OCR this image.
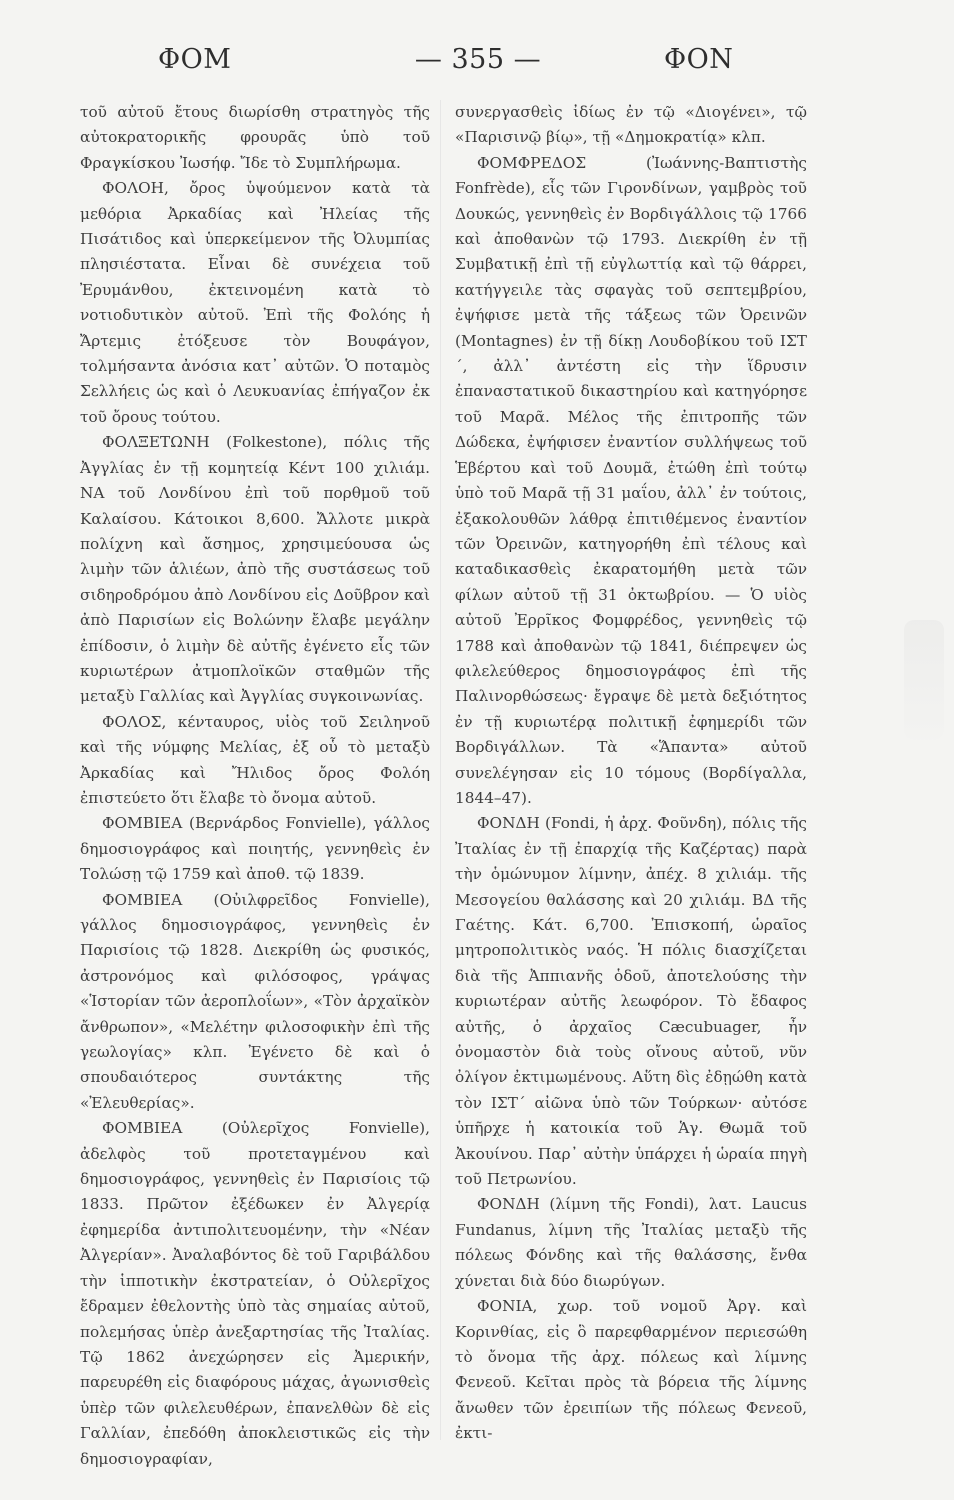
ΦΟΜ	— 355 —	ΦΟΝ

τοῦ αὐτοῦ ἔτους διωρίσθη στρατηγὸς τῆς αὐτοκρατορικῆς φρουρᾶς ὑπὸ τοῦ Φραγκίσκου Ἰωσήφ. Ἴδε τὸ Συμπλήρωμα.

ΦΟΛΟΗ, ὄρος ὑψούμενον κατὰ τὰ μεθόρια Ἀρκαδίας καὶ Ἠλείας τῆς Πισάτιδος καὶ ὑπερκείμενον τῆς Ὀλυμπίας πλησιέστατα. Εἶναι δὲ συνέχεια τοῦ Ἐρυμάνθου, ἐκτεινομένη κατὰ τὸ νοτιοδυτικὸν αὐτοῦ. Ἐπὶ τῆς Φολόης ἡ Ἄρτεμις ἐτόξευσε τὸν Βουφάγον, τολμήσαντα ἀνόσια κατ᾽ αὐτῶν. Ὁ ποταμὸς Σελλήεις ὡς καὶ ὁ Λευκυανίας ἐπήγαζον ἐκ τοῦ ὄρους τούτου.

ΦΟΛΞΕΤΩΝΗ (Folkestone), πόλις τῆς Ἀγγλίας ἐν τῇ κομητείᾳ Κέντ 100 χιλιάμ. ΝΑ τοῦ Λονδίνου ἐπὶ τοῦ πορθμοῦ τοῦ Καλαίσου. Κάτοικοι 8,600. Ἄλλοτε μικρὰ πολίχνη καὶ ἄσημος, χρησιμεύουσα ὡς λιμὴν τῶν ἁλιέων, ἀπὸ τῆς συστάσεως τοῦ σιδηροδρόμου ἀπὸ Λονδίνου εἰς Δοῦβρον καὶ ἀπὸ Παρισίων εἰς Βολώνην ἔλαβε μεγάλην ἐπίδοσιν, ὁ λιμὴν δὲ αὐτῆς ἐγένετο εἷς τῶν κυριωτέρων ἀτμοπλοϊκῶν σταθμῶν τῆς μεταξὺ Γαλλίας καὶ Ἀγγλίας συγκοινωνίας.

ΦΟΛΟΣ, κένταυρος, υἱὸς τοῦ Σειληνοῦ καὶ τῆς νύμφης Μελίας, ἐξ οὗ τὸ μεταξὺ Ἀρκαδίας καὶ Ἤλιδος ὄρος Φολόη ἐπιστεύετο ὅτι ἔλαβε τὸ ὄνομα αὐτοῦ.

ΦΟΜΒΙΕΑ (Βερνάρδος Fonvielle), γάλλος δημοσιογράφος καὶ ποιητής, γεννηθεὶς ἐν Τολώσῃ τῷ 1759 καὶ ἀποθ. τῷ 1839.

ΦΟΜΒΙΕΑ (Οὐιλφρεῖδος Fonvielle), γάλλος δημοσιογράφος, γεννηθεὶς ἐν Παρισίοις τῷ 1828. Διεκρίθη ὡς φυσικός, ἀστρονόμος καὶ φιλόσοφος, γράψας «Ἱστορίαν τῶν ἀεροπλοΐων», «Τὸν ἀρχαϊκὸν ἄνθρωπον», «Μελέτην φιλοσοφικὴν ἐπὶ τῆς γεωλογίας» κλπ. Ἐγένετο δὲ καὶ ὁ σπουδαιότερος συντάκτης τῆς «Ἐλευθερίας».

ΦΟΜΒΙΕΑ (Οὐλερῖχος Fonvielle), ἀδελφὸς τοῦ προτεταγμένου καὶ δημοσιογράφος, γεννηθεὶς ἐν Παρισίοις τῷ 1833. Πρῶτον ἐξέδωκεν ἐν Ἀλγερίᾳ ἐφημερίδα ἀντιπολιτευομένην, τὴν «Νέαν Ἀλγερίαν». Ἀναλαβόντος δὲ τοῦ Γαριβάλδου τὴν ἱπποτικὴν ἐκστρατείαν, ὁ Οὐλερῖχος ἔδραμεν ἐθελοντὴς ὑπὸ τὰς σημαίας αὐτοῦ, πολεμήσας ὑπὲρ ἀνεξαρτησίας τῆς Ἰταλίας. Τῷ 1862 ἀνεχώρησεν εἰς Ἀμερικήν, παρευρέθη εἰς διαφόρους μάχας, ἀγωνισθεὶς ὑπὲρ τῶν φιλελευθέρων, ἐπανελθὼν δὲ εἰς Γαλλίαν, ἐπεδόθη ἀποκλειστικῶς εἰς τὴν δημοσιογραφίαν,

συνεργασθεὶς ἰδίως ἐν τῷ «Διογένει», τῷ «Παρισινῷ βίῳ», τῇ «Δημοκρατίᾳ» κλπ.

ΦΟΜΦΡΕΔΟΣ (Ἰωάννης-Βαπτιστὴς Fonfrède), εἷς τῶν Γιρονδίνων, γαμβρὸς τοῦ Δουκώς, γεννηθεὶς ἐν Βορδιγάλλοις τῷ 1766 καὶ ἀποθανὼν τῷ 1793. Διεκρίθη ἐν τῇ Συμβατικῇ ἐπὶ τῇ εὐγλωττίᾳ καὶ τῷ θάρρει, κατήγγειλε τὰς σφαγὰς τοῦ σεπτεμβρίου, ἐψήφισε μετὰ τῆς τάξεως τῶν Ὀρεινῶν (Montagnes) ἐν τῇ δίκῃ Λουδοβίκου τοῦ ΙΣΤ´, ἀλλ᾽ ἀντέστη εἰς τὴν ἵδρυσιν ἐπαναστατικοῦ δικαστηρίου καὶ κατηγόρησε τοῦ Μαρᾶ. Μέλος τῆς ἐπιτροπῆς τῶν Δώδεκα, ἐψήφισεν ἐναντίον συλλήψεως τοῦ Ἑβέρτου καὶ τοῦ Δουμᾶ, ἐτώθη ἐπὶ τούτῳ ὑπὸ τοῦ Μαρᾶ τῇ 31 μαΐου, ἀλλ᾽ ἐν τούτοις, ἐξακολουθῶν λάθρᾳ ἐπιτιθέμενος ἐναντίον τῶν Ὀρεινῶν, κατηγορήθη ἐπὶ τέλους καὶ καταδικασθεὶς ἐκαρατομήθη μετὰ τῶν φίλων αὐτοῦ τῇ 31 ὀκτωβρίου. — Ὁ υἱὸς αὐτοῦ Ἐρρῖκος Φομφρέδος, γεννηθεὶς τῷ 1788 καὶ ἀποθανὼν τῷ 1841, διέπρεψεν ὡς φιλελεύθερος δημοσιογράφος ἐπὶ τῆς Παλινορθώσεως· ἔγραψε δὲ μετὰ δεξιότητος ἐν τῇ κυριωτέρᾳ πολιτικῇ ἐφημερίδι τῶν Βορδιγάλλων. Τὰ «Ἅπαντα» αὐτοῦ συνελέγησαν εἰς 10 τόμους (Βορδίγαλλα, 1844–47).

ΦΟΝΔΗ (Fondi, ἡ ἀρχ. Φοῦνδη), πόλις τῆς Ἰταλίας ἐν τῇ ἐπαρχίᾳ τῆς Καζέρτας) παρὰ τὴν ὁμώνυμον λίμνην, ἀπέχ. 8 χιλιάμ. τῆς Μεσογείου θαλάσσης καὶ 20 χιλιάμ. ΒΔ τῆς Γαέτης. Κάτ. 6,700. Ἐπισκοπή, ὡραῖος μητροπολιτικὸς ναός. Ἡ πόλις διασχίζεται διὰ τῆς Ἀππιανῆς ὁδοῦ, ἀποτελούσης τὴν κυριωτέραν αὐτῆς λεωφόρον. Τὸ ἔδαφος αὐτῆς, ὁ ἀρχαῖος Cæcubuager, ἦν ὀνομαστὸν διὰ τοὺς οἴνους αὐτοῦ, νῦν ὀλίγον ἐκτιμωμένους. Αὕτη δὶς ἐδῃώθη κατὰ τὸν ΙΣΤ´ αἰῶνα ὑπὸ τῶν Τούρκων· αὐτόσε ὑπῆρχε ἡ κατοικία τοῦ Ἁγ. Θωμᾶ τοῦ Ἀκουίνου. Παρ᾽ αὐτὴν ὑπάρχει ἡ ὡραία πηγὴ τοῦ Πετρωνίου.

ΦΟΝΔΗ (λίμνη τῆς Fondi), λατ. Laucus Fundanus, λίμνη τῆς Ἰταλίας μεταξὺ τῆς πόλεως Φόνδης καὶ τῆς θαλάσσης, ἔνθα χύνεται διὰ δύο διωρύγων.

ΦΟΝΙΑ, χωρ. τοῦ νομοῦ Ἀργ. καὶ Κορινθίας, εἰς ὃ παρεφθαρμένον περιεσώθη τὸ ὄνομα τῆς ἀρχ. πόλεως καὶ λίμνης Φενεοῦ. Κεῖται πρὸς τὰ βόρεια τῆς λίμνης ἄνωθεν τῶν ἐρειπίων τῆς πόλεως Φενεοῦ, ἐκτι-
